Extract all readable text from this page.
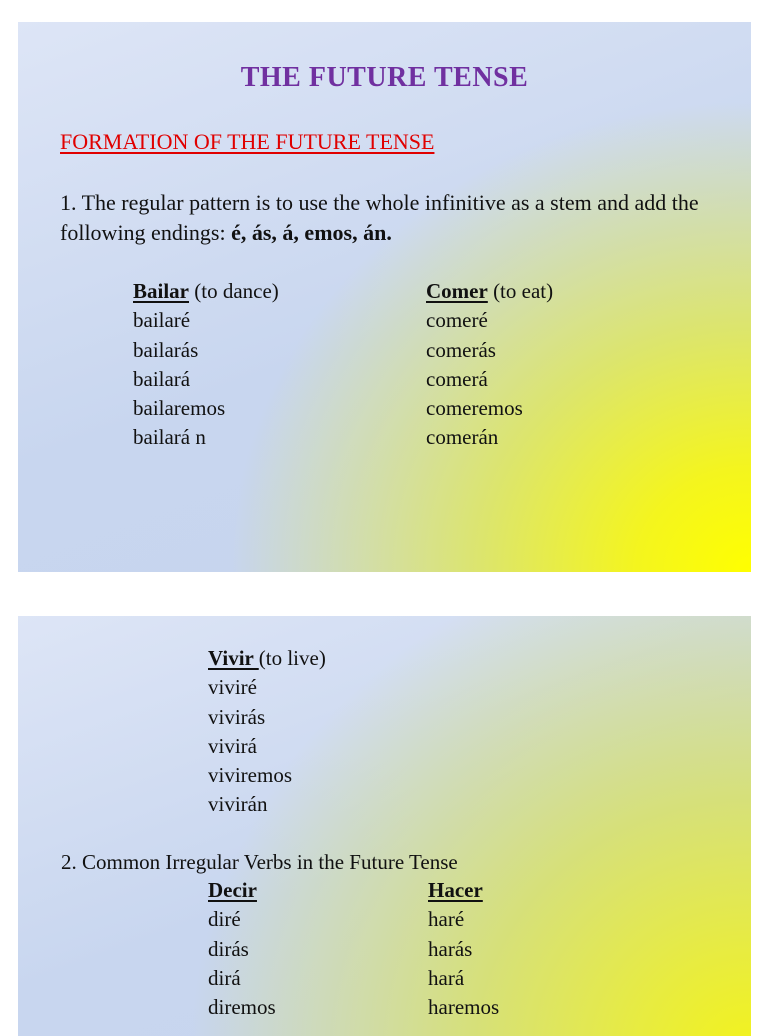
THE FUTURE TENSE
FORMATION OF THE FUTURE TENSE
1. The regular pattern is to use the whole infinitive as a stem and add the following endings: é, ás, á, emos, án.
Bailar (to dance)
bailaré
bailarás
bailará
bailaremos
bailará n
Comer (to eat)
comeré
comerás
comerá
comeremos
comerán
Vivir (to live)
viviré
vivirás
vivirá
viviremos
vivirán
2. Common Irregular Verbs in the Future Tense
Decir
diré
dirás
dirá
diremos
Hacer
haré
harás
hará
haremos
